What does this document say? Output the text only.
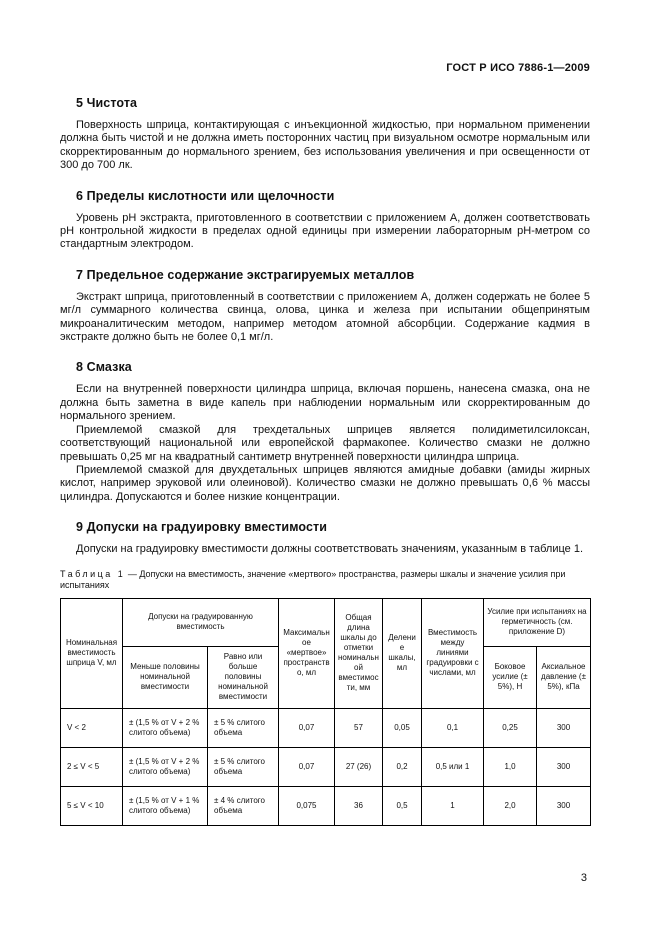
ГОСТ Р ИСО 7886-1—2009
5 Чистота

Поверхность шприца, контактирующая с инъекционной жидкостью, при нормальном применении должна быть чистой и не должна иметь посторонних частиц при визуальном осмотре нормальным или скорректированным до нормального зрением, без использования увеличения и при освещенности от 300 до 700 лк.

6 Пределы кислотности или щелочности

Уровень pH экстракта, приготовленного в соответствии с приложением А, должен соответствовать pH контрольной жидкости в пределах одной единицы при измерении лабораторным pH-метром со стандартным электродом.

7 Предельное содержание экстрагируемых металлов

Экстракт шприца, приготовленный в соответствии с приложением А, должен содержать не более 5 мг/л суммарного количества свинца, олова, цинка и железа при испытании общепринятым микроаналитическим методом, например методом атомной абсорбции. Содержание кадмия в экстракте должно быть не более 0,1 мг/л.

8 Смазка

Если на внутренней поверхности цилиндра шприца, включая поршень, нанесена смазка, она не должна быть заметна в виде капель при наблюдении нормальным или скорректированным до нормального зрением.

Приемлемой смазкой для трехдетальных шприцев является полидиметилсилоксан, соответствующий национальной или европейской фармакопее. Количество смазки не должно превышать 0,25 мг на квадратный сантиметр внутренней поверхности цилиндра шприца.

Приемлемой смазкой для двухдетальных шприцев являются амидные добавки (амиды жирных кислот, например эруковой или олеиновой). Количество смазки не должно превышать 0,6 % массы цилиндра. Допускаются и более низкие концентрации.

9 Допуски на градуировку вместимости

Допуски на градуировку вместимости должны соответствовать значениям, указанным в таблице 1.

Таблица 1 — Допуски на вместимость, значение «мертвого» пространства, размеры шкалы и значение усилия при испытаниях
Номинальная вместимость шприца V, мл	Допуски на градуированную вместимость		Максимальное «мертвое» пространство, мл	Общая длина шкалы до отметки номинальной вместимости, мм	Деление шкалы, мл	Вместимость между линиями градуировки с числами, мл	Усилие при испытаниях на герметичность (см. приложение D)	
	Меньше половины номинальной вместимости	Равно или больше половины номинальной вместимости					Боковое усилие (± 5%), Н	Аксиальное давление (± 5%), кПа
V < 2	± (1,5 % от V + 2 % слитого объема)	± 5 % слитого объема	0,07	57	0,05	0,1	0,25	300
2 ≤ V < 5	± (1,5 % от V + 2 % слитого объема)	± 5 % слитого объема	0,07	27 (26)	0,2	0,5 или 1	1,0	300
5 ≤ V < 10	± (1,5 % от V + 1 % слитого объема)	± 4 % слитого объема	0,075	36	0,5	1	2,0	300
3
